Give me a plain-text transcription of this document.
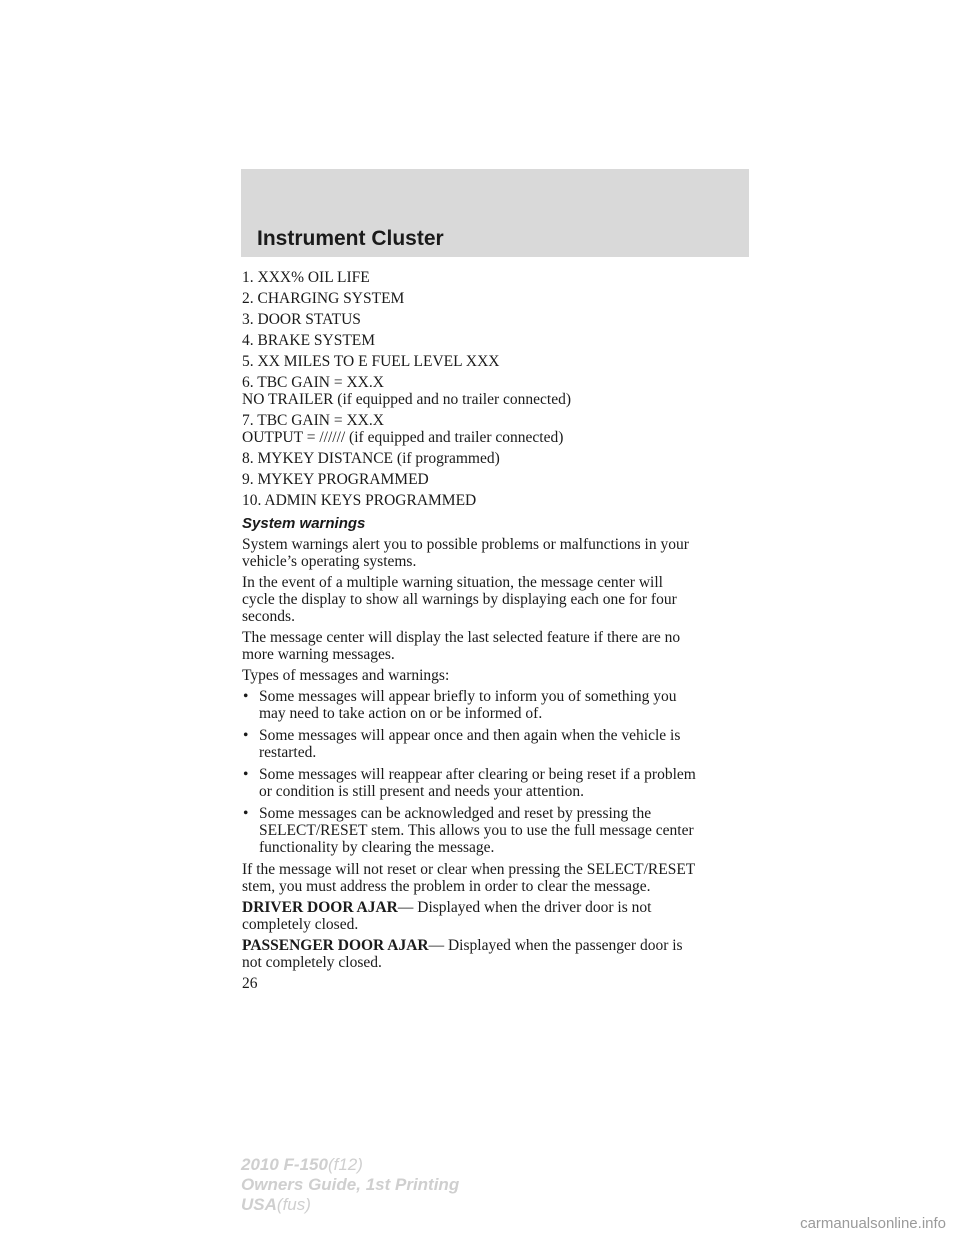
Instrument Cluster
1. XXX% OIL LIFE
2. CHARGING SYSTEM
3. DOOR STATUS
4. BRAKE SYSTEM
5. XX MILES TO E FUEL LEVEL XXX
6. TBC GAIN = XX.X
NO TRAILER (if equipped and no trailer connected)
7. TBC GAIN = XX.X
OUTPUT = ////// (if equipped and trailer connected)
8. MYKEY DISTANCE (if programmed)
9. MYKEY PROGRAMMED
10. ADMIN KEYS PROGRAMMED
System warnings

System warnings alert you to possible problems or malfunctions in your
vehicle’s operating systems.

In the event of a multiple warning situation, the message center will
cycle the display to show all warnings by displaying each one for four
seconds.

The message center will display the last selected feature if there are no
more warning messages.

Types of messages and warnings:

• Some messages will appear briefly to inform you of something you
may need to take action on or be informed of.
• Some messages will appear once and then again when the vehicle is
restarted.
• Some messages will reappear after clearing or being reset if a problem
or condition is still present and needs your attention.
• Some messages can be acknowledged and reset by pressing the
SELECT/RESET stem. This allows you to use the full message center
functionality by clearing the message.

If the message will not reset or clear when pressing the SELECT/RESET
stem, you must address the problem in order to clear the message.

DRIVER DOOR AJAR— Displayed when the driver door is not
completely closed.

PASSENGER DOOR AJAR— Displayed when the passenger door is
not completely closed.

26
2010 F-150(f12)
Owners Guide, 1st Printing
USA(fus)
carmanualsonline.info
